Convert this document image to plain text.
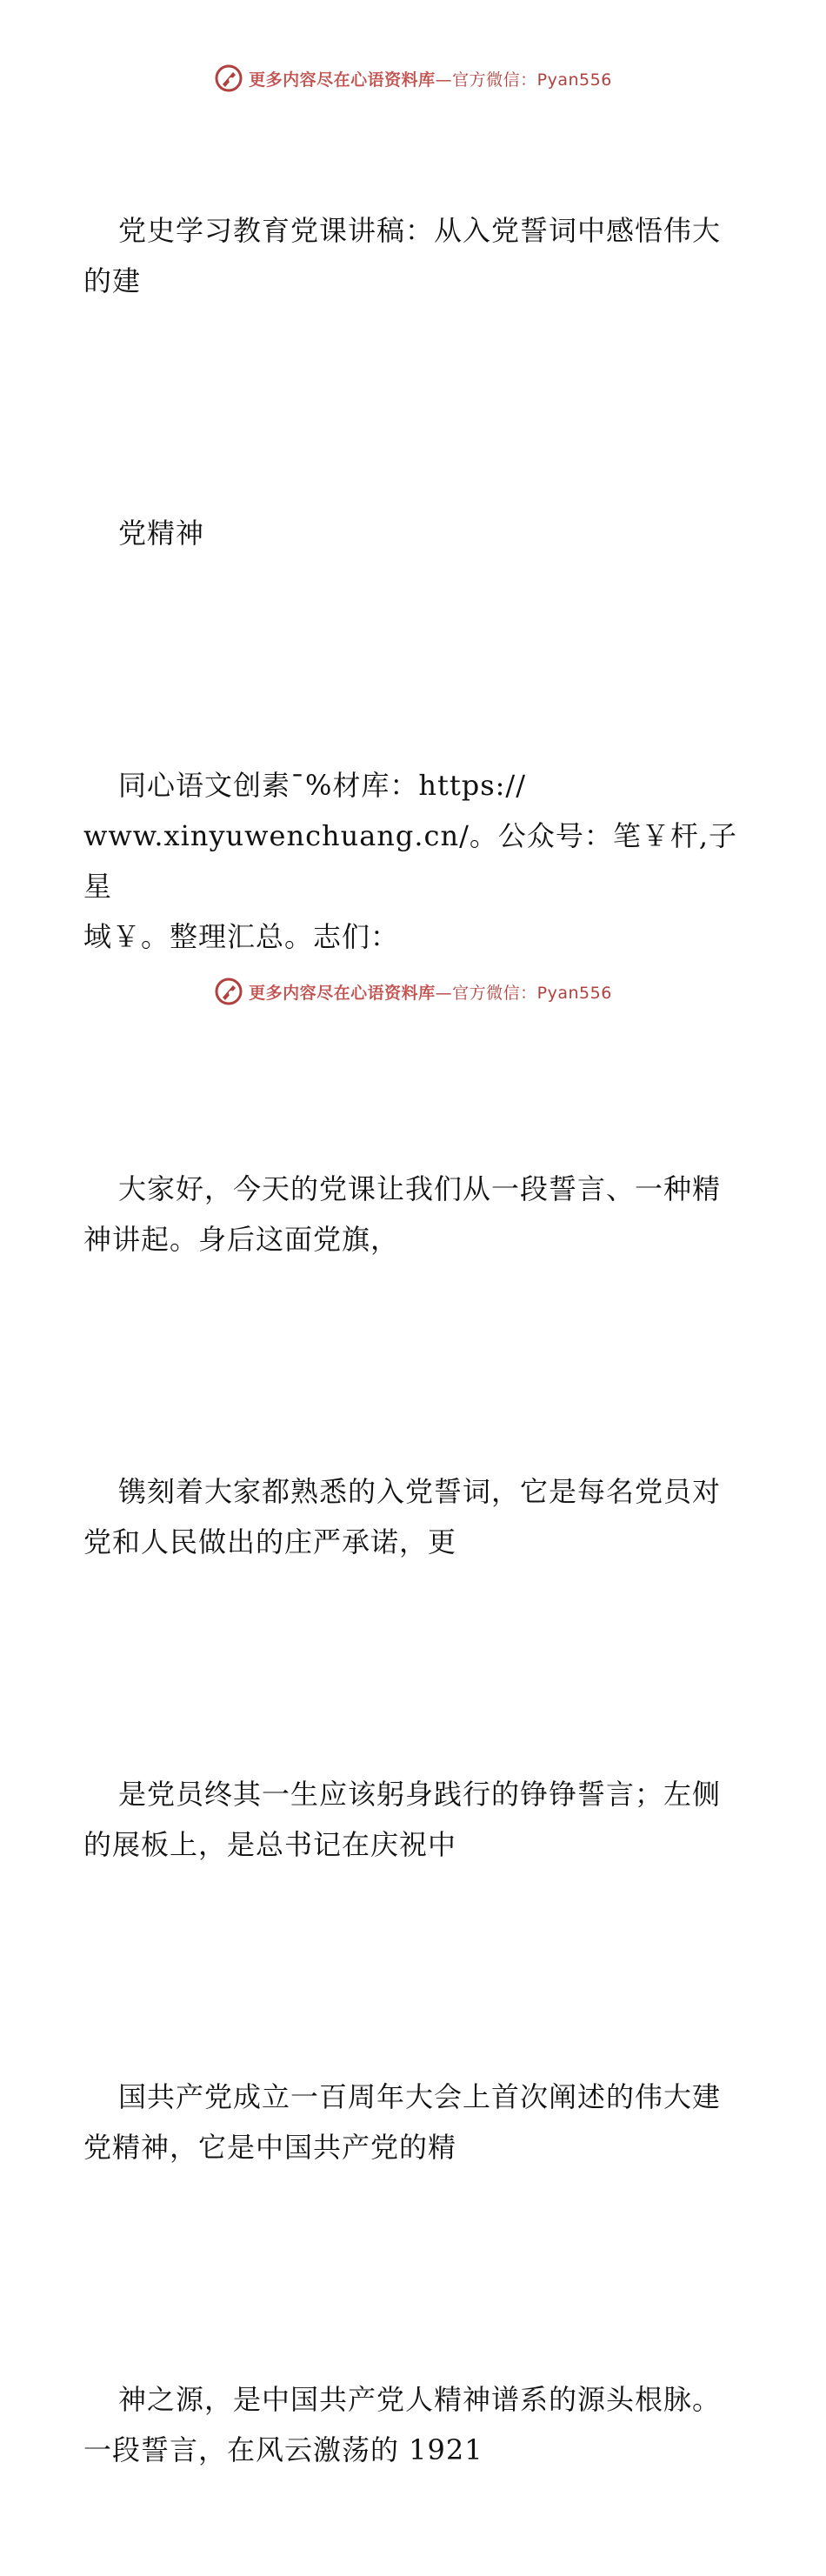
更多内容尽在心语资料库—官方微信：Pyan556

党史学习教育党课讲稿：从入党誓词中感悟伟大
的建

党精神

同心语文创素¯%材库：https://
www.xinyuwenchuang.cn/。公众号：笔￥杆,子星
域￥。整理汇总。志们：

大家好，今天的党课让我们从一段誓言、一种精
神讲起。身后这面党旗，

镌刻着大家都熟悉的入党誓词，它是每名党员对
党和人民做出的庄严承诺，更

是党员终其一生应该躬身践行的铮铮誓言；左侧
的展板上，是总书记在庆祝中

国共产党成立一百周年大会上首次阐述的伟大建
党精神，它是中国共产党的精

神之源，是中国共产党人精神谱系的源头根脉。
一段誓言，在风云激荡的 1921

更多内容尽在心语资料库—官方微信：Pyan556
